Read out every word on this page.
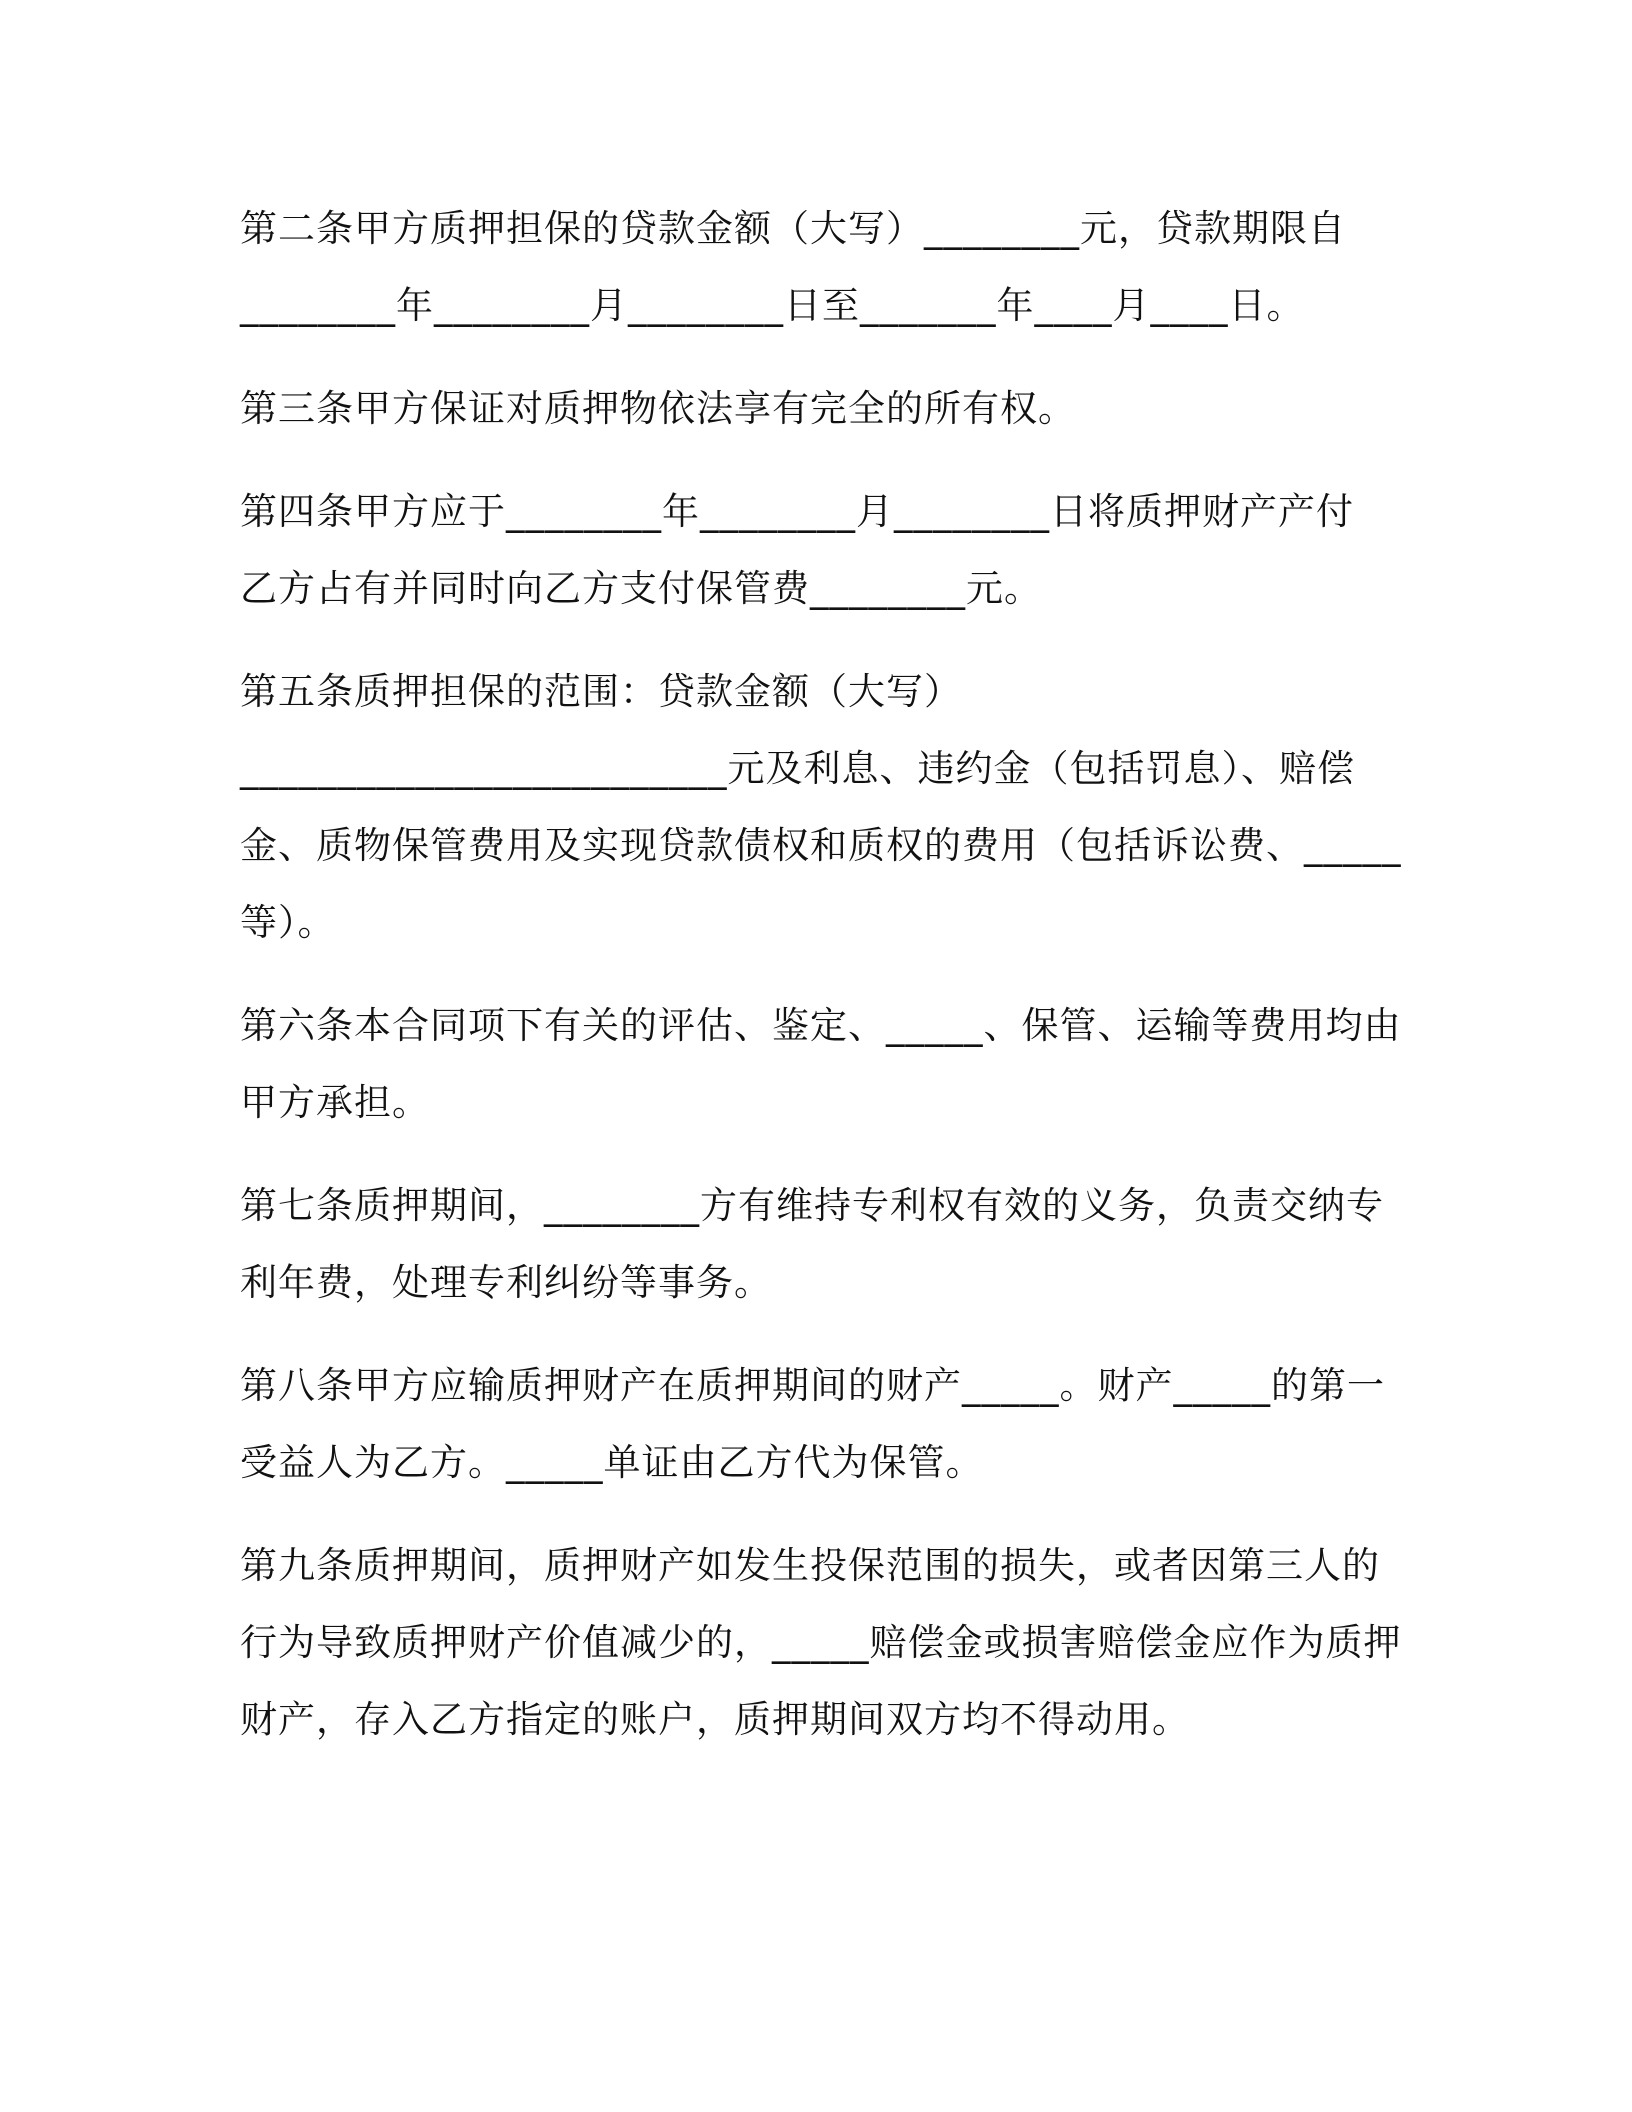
第二条甲方质押担保的贷款金额（大写）________元，贷款期限自
________年________月________日至_______年____月____日。

第三条甲方保证对质押物依法享有完全的所有权。

第四条甲方应于________年________月________日将质押财产产付
乙方占有并同时向乙方支付保管费________元。

第五条质押担保的范围：贷款金额（大写）
_________________________元及利息、违约金（包括罚息）、赔偿
金、质物保管费用及实现贷款债权和质权的费用（包括诉讼费、_____
等）。

第六条本合同项下有关的评估、鉴定、_____、保管、运输等费用均由
甲方承担。

第七条质押期间，________方有维持专利权有效的义务，负责交纳专
利年费，处理专利纠纷等事务。

第八条甲方应输质押财产在质押期间的财产_____。财产_____的第一
受益人为乙方。_____单证由乙方代为保管。

第九条质押期间，质押财产如发生投保范围的损失，或者因第三人的
行为导致质押财产价值减少的，_____赔偿金或损害赔偿金应作为质押
财产，存入乙方指定的账户，质押期间双方均不得动用。
